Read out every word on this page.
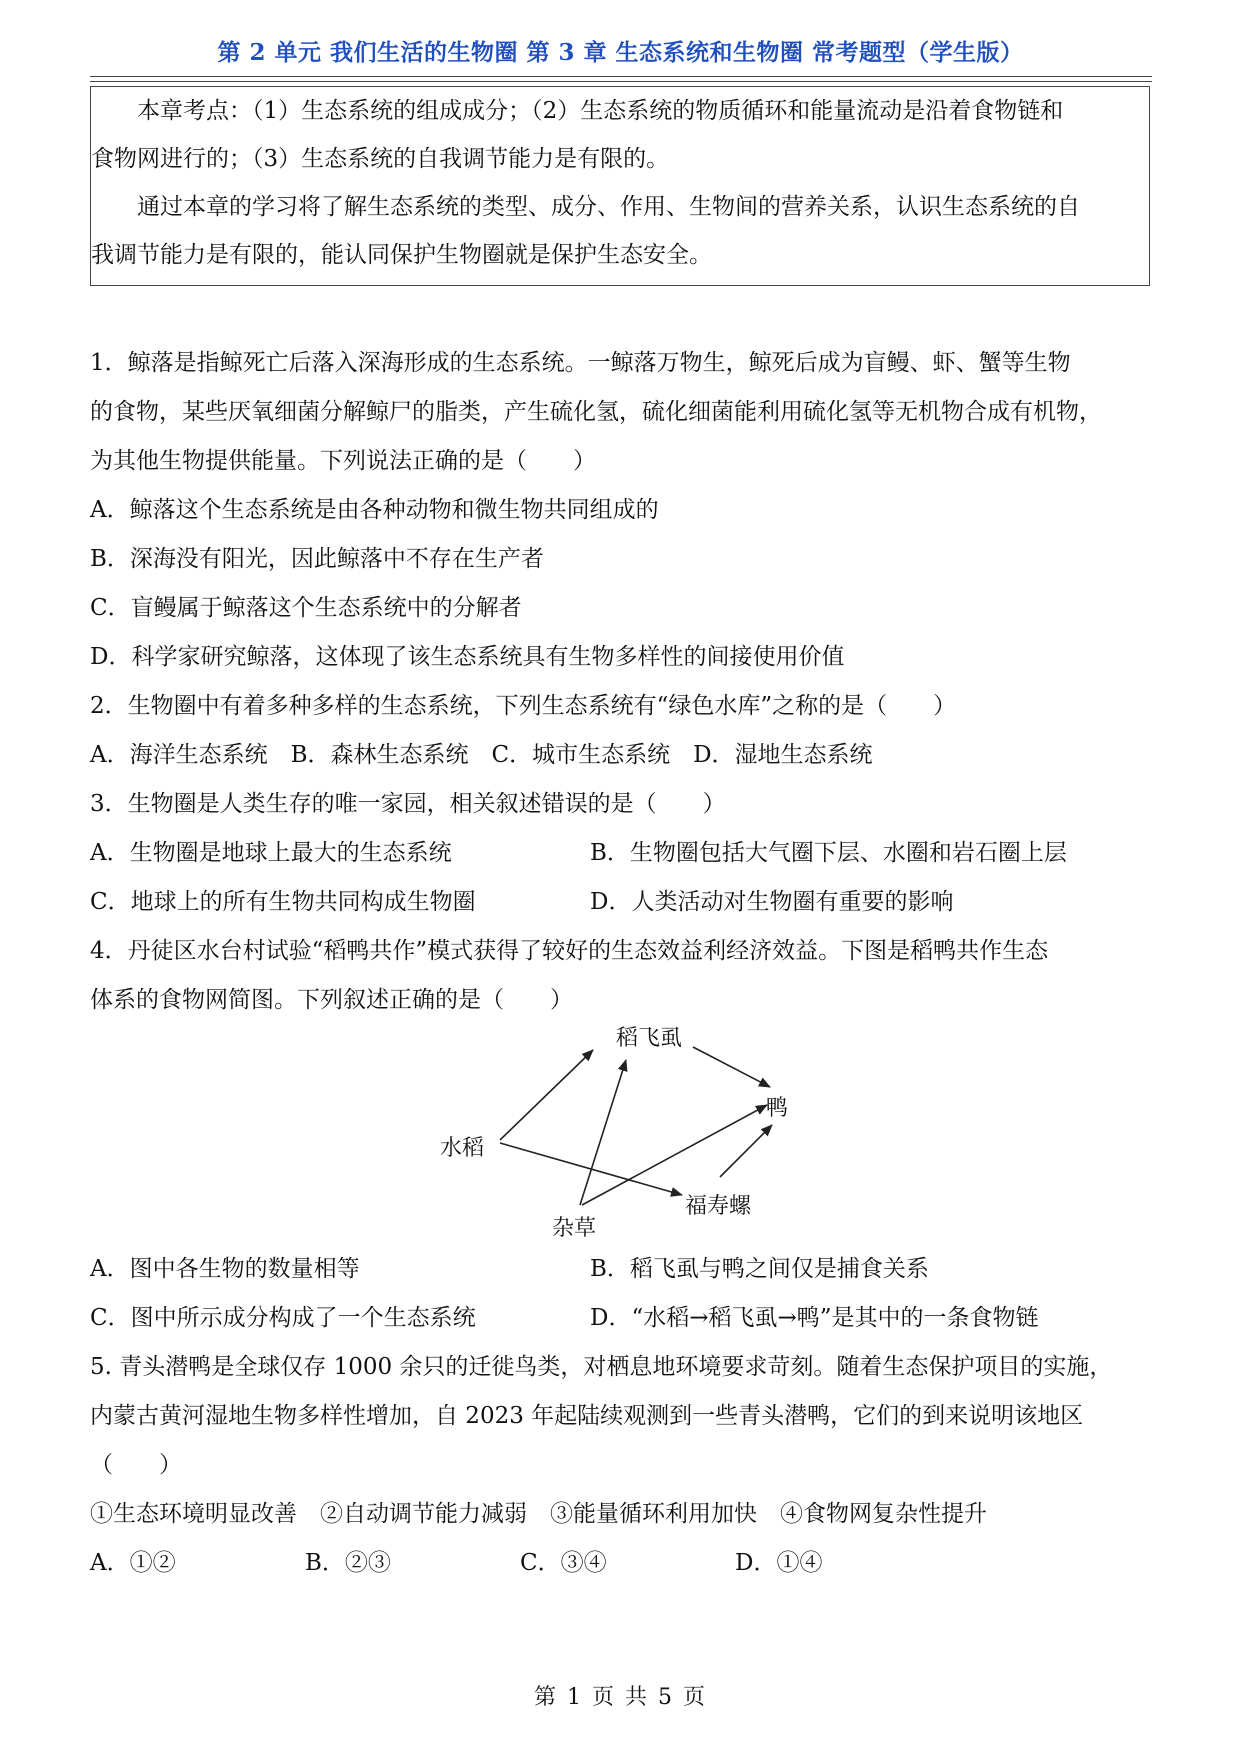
第 2 单元 我们生活的生物圈 第 3 章 生态系统和生物圈 常考题型（学生版）

本章考点：（1）生态系统的组成成分；（2）生态系统的物质循环和能量流动是沿着食物链和

食物网进行的；（3）生态系统的自我调节能力是有限的。

通过本章的学习将了解生态系统的类型、成分、作用、生物间的营养关系，认识生态系统的自

我调节能力是有限的，能认同保护生物圈就是保护生态安全。

1．鲸落是指鲸死亡后落入深海形成的生态系统。一鲸落万物生，鲸死后成为盲鳗、虾、蟹等生物
的食物，某些厌氧细菌分解鲸尸的脂类，产生硫化氢，硫化细菌能利用硫化氢等无机物合成有机物，
为其他生物提供能量。下列说法正确的是（　　）
A．鲸落这个生态系统是由各种动物和微生物共同组成的
B．深海没有阳光，因此鲸落中不存在生产者
C．盲鳗属于鲸落这个生态系统中的分解者
D．科学家研究鲸落，这体现了该生态系统具有生物多样性的间接使用价值
2．生物圈中有着多种多样的生态系统，下列生态系统有“绿色水库”之称的是（　　）
A．海洋生态系统　B．森林生态系统　C．城市生态系统　D．湿地生态系统
3．生物圈是人类生存的唯一家园，相关叙述错误的是（　　）
A．生物圈是地球上最大的生态系统	B．生物圈包括大气圈下层、水圈和岩石圈上层
C．地球上的所有生物共同构成生物圈	D．人类活动对生物圈有重要的影响
4．丹徒区水台村试验“稻鸭共作”模式获得了较好的生态效益利经济效益。下图是稻鸭共作生态
体系的食物网简图。下列叙述正确的是（　　）
稻飞虱
鸭
水稻
福寿螺
杂草
A．图中各生物的数量相等	B．稻飞虱与鸭之间仅是捕食关系
C．图中所示成分构成了一个生态系统	D．“水稻→稻飞虱→鸭”是其中的一条食物链
5. 青头潜鸭是全球仅存 1000 余只的迁徙鸟类，对栖息地环境要求苛刻。随着生态保护项目的实施，
内蒙古黄河湿地生物多样性增加，自 2023 年起陆续观测到一些青头潜鸭，它们的到来说明该地区
（　　）
①生态环境明显改善　②自动调节能力减弱　③能量循环利用加快　④食物网复杂性提升
A．①②	B．②③	C．③④	D．①④
第 1 页 共 5 页
